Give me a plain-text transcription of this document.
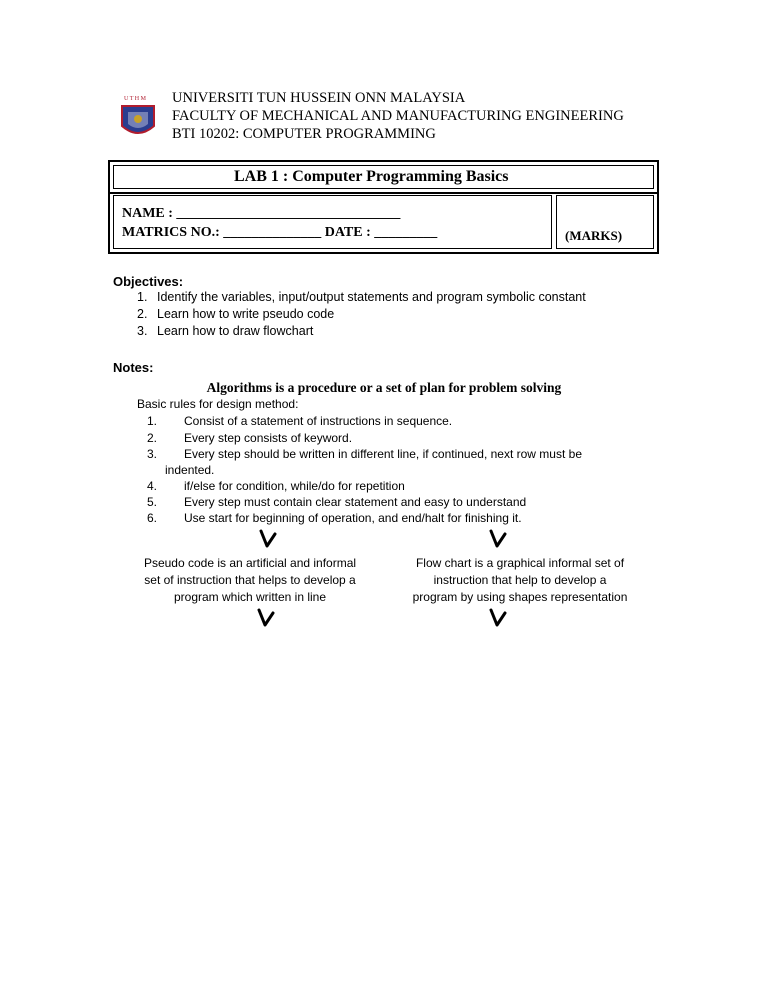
U T H M UNIVERSITI TUN HUSSEIN ONN MALAYSIA
FACULTY OF MECHANICAL AND MANUFACTURING ENGINEERING
BTI 10202: COMPUTER PROGRAMMING
LAB 1 : Computer Programming Basics
NAME : ________________________________
MATRICS NO.: ______________ DATE : _________	(MARKS)
Objectives:
1. Identify the variables, input/output statements and program symbolic constant
2. Learn how to write pseudo code
3. Learn how to draw flowchart
Notes:
Algorithms is a procedure or a set of plan for problem solving
Basic rules for design method:
1. Consist of a statement of instructions in sequence.
2. Every step consists of keyword.
3. Every step should be written in different line, if continued, next row must be
indented.
4. if/else for condition, while/do for repetition
5. Every step must contain clear statement and easy to understand
6. Use start for beginning of operation, and end/halt for finishing it.
Pseudo code is an artificial and informal
set of instruction that helps to develop a
program which written in line
Flow chart is a graphical informal set of
instruction that help to develop a
program by using shapes representation
